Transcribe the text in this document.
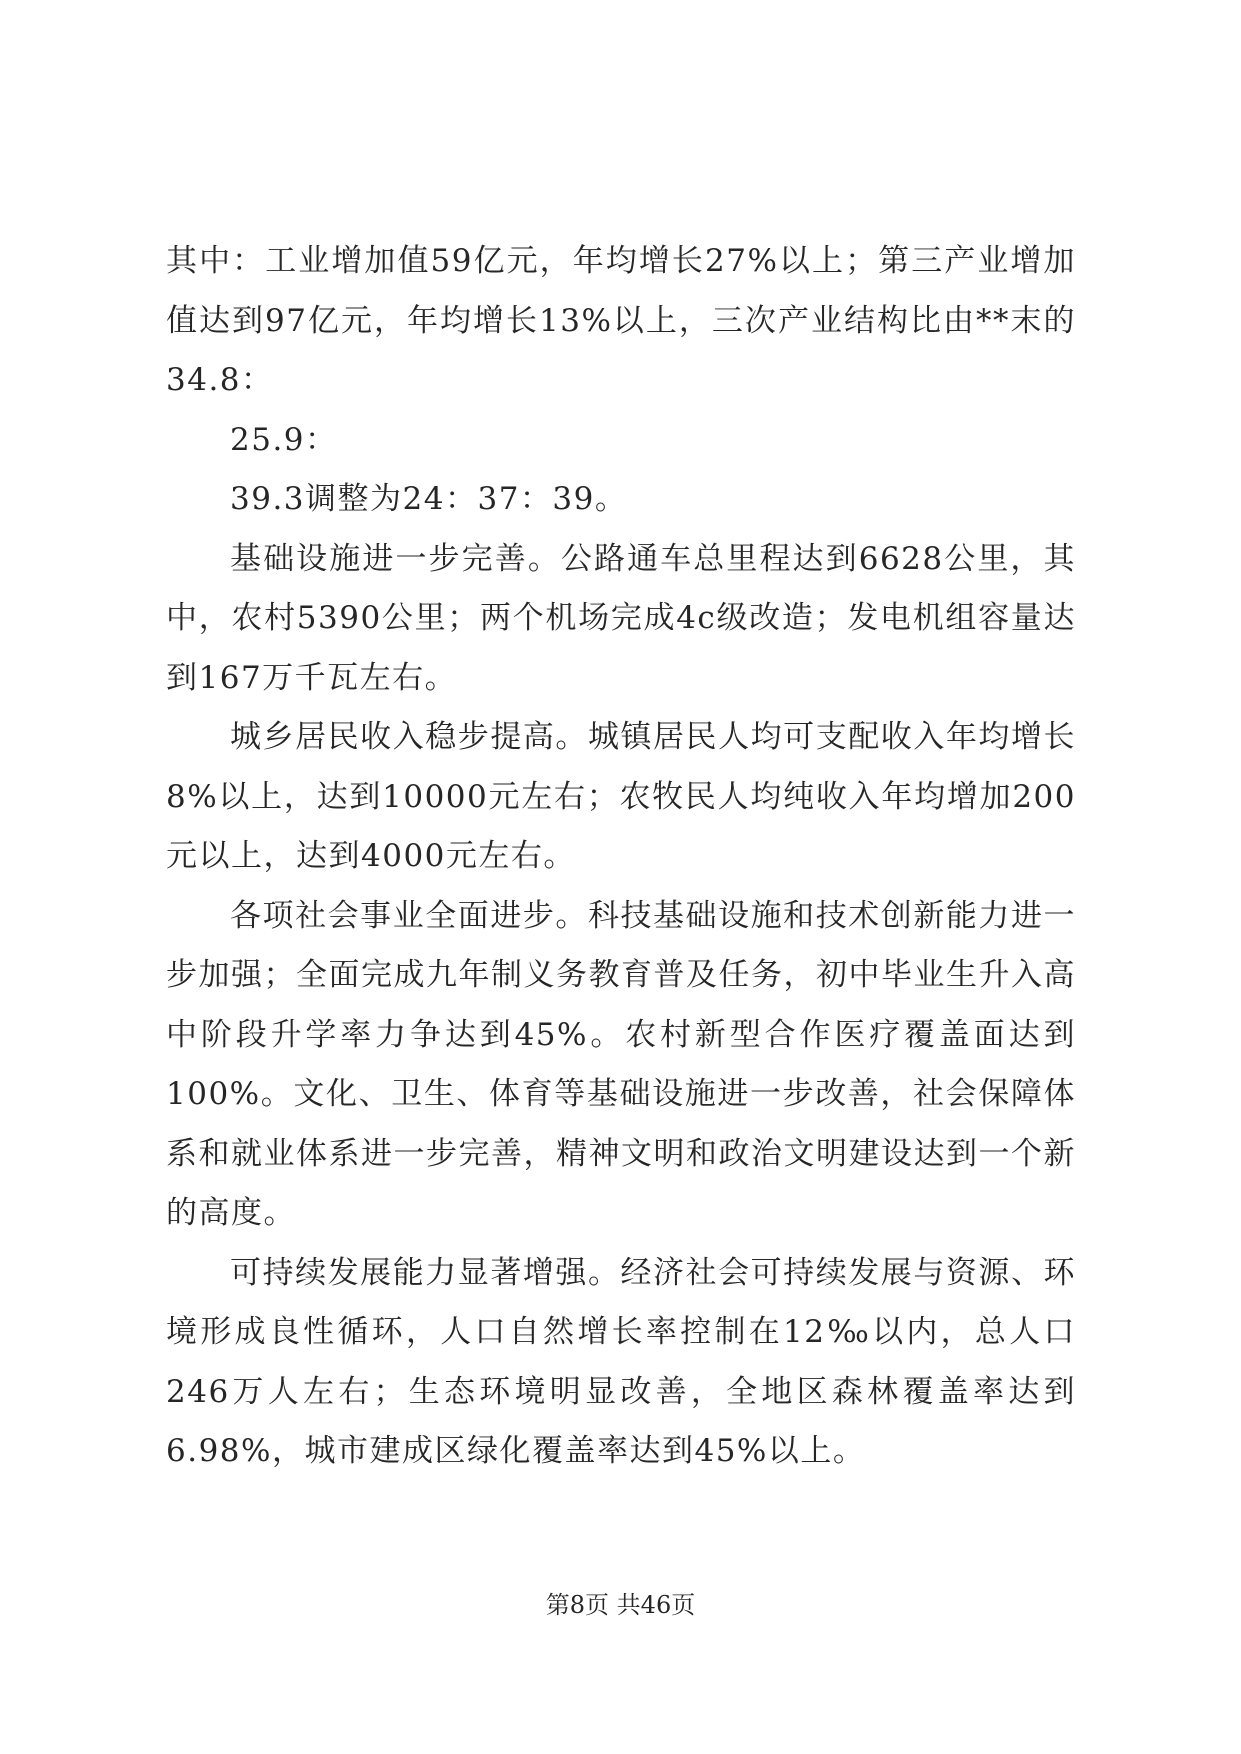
其中：工业增加值59亿元，年均增长27%以上；第三产业增加值达到97亿元，年均增长13%以上，三次产业结构比由**末的34.8：

25.9：

39.3调整为24：37：39。

基础设施进一步完善。公路通车总里程达到6628公里，其中，农村5390公里；两个机场完成4c级改造；发电机组容量达到167万千瓦左右。

城乡居民收入稳步提高。城镇居民人均可支配收入年均增长8%以上，达到10000元左右；农牧民人均纯收入年均增加200元以上，达到4000元左右。

各项社会事业全面进步。科技基础设施和技术创新能力进一步加强；全面完成九年制义务教育普及任务，初中毕业生升入高中阶段升学率力争达到45%。农村新型合作医疗覆盖面达到100%。文化、卫生、体育等基础设施进一步改善，社会保障体系和就业体系进一步完善，精神文明和政治文明建设达到一个新的高度。

可持续发展能力显著增强。经济社会可持续发展与资源、环境形成良性循环，人口自然增长率控制在12‰以内，总人口246万人左右；生态环境明显改善，全地区森林覆盖率达到6.98%，城市建成区绿化覆盖率达到45%以上。

第8页 共46页
